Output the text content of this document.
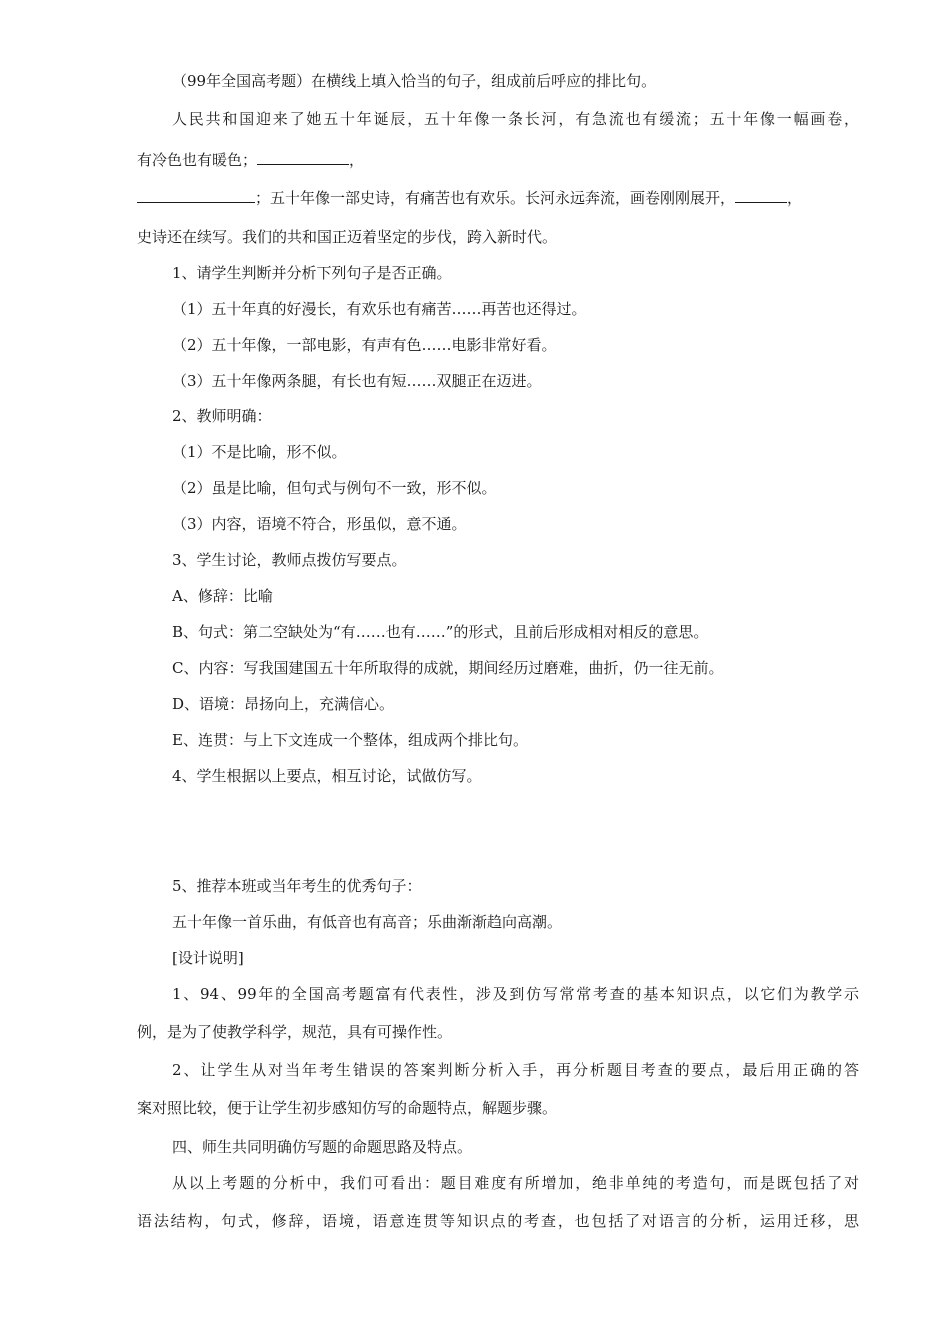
（99年全国高考题）在横线上填入恰当的句子，组成前后呼应的排比句。
人民共和国迎来了她五十年诞辰，五十年像一条长河，有急流也有缓流；五十年像一幅画卷，
有冷色也有暖色；	，
；五十年像一部史诗，有痛苦也有欢乐。长河永远奔流，画卷刚刚展开，	，
史诗还在续写。我们的共和国正迈着坚定的步伐，跨入新时代。
1、请学生判断并分析下列句子是否正确。
（1）五十年真的好漫长，有欢乐也有痛苦……再苦也还得过。
（2）五十年像，一部电影，有声有色……电影非常好看。
（3）五十年像两条腿，有长也有短……双腿正在迈进。
2、教师明确：
（1）不是比喻，形不似。
（2）虽是比喻，但句式与例句不一致，形不似。
（3）内容，语境不符合，形虽似，意不通。
3、学生讨论，教师点拨仿写要点。
A、修辞：比喻
B、句式：第二空缺处为“有……也有……”的形式，且前后形成相对相反的意思。
C、内容：写我国建国五十年所取得的成就，期间经历过磨难，曲折，仍一往无前。
D、语境：昂扬向上，充满信心。
E、连贯：与上下文连成一个整体，组成两个排比句。
4、学生根据以上要点，相互讨论，试做仿写。
5、推荐本班或当年考生的优秀句子：
五十年像一首乐曲，有低音也有高音；乐曲渐渐趋向高潮。
[设计说明]
1、94、99年的全国高考题富有代表性，涉及到仿写常常考查的基本知识点，以它们为教学示
例，是为了使教学科学，规范，具有可操作性。
2、让学生从对当年考生错误的答案判断分析入手，再分析题目考查的要点，最后用正确的答
案对照比较，便于让学生初步感知仿写的命题特点，解题步骤。
四、师生共同明确仿写题的命题思路及特点。
从以上考题的分析中，我们可看出：题目难度有所增加，绝非单纯的考造句，而是既包括了对
语法结构，句式，修辞，语境，语意连贯等知识点的考查，也包括了对语言的分析，运用迁移，思
